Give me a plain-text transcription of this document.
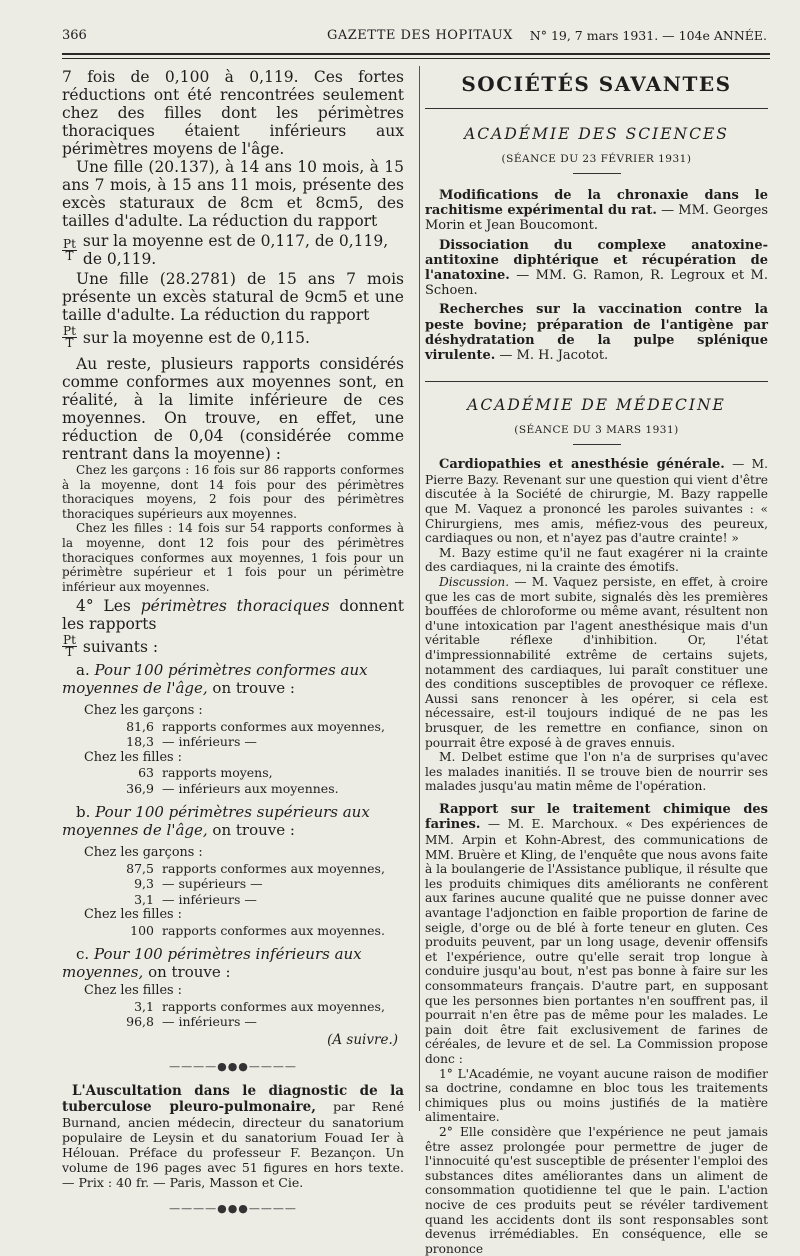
366	GAZETTE DES HOPITAUX N° 19, 7 mars 1931. — 104e ANNÉE.

7 fois de 0,100 à 0,119. Ces fortes réductions ont été rencontrées seulement chez des filles dont les périmètres thoraciques étaient inférieurs aux périmètres moyens de l'âge.

Une fille (20.137), à 14 ans 10 mois, à 15 ans 7 mois, à 15 ans 11 mois, présente des excès staturaux de 8cm et 8cm5, des tailles d'adulte. La réduction du rapport

$\frac{Pt}{T}$ sur la moyenne est de 0,117, de 0,119, de 0,119.

Une fille (28.2781) de 15 ans 7 mois présente un excès statural de 9cm5 et une taille d'adulte. La réduction du rapport

$\frac{Pt}{T}$ sur la moyenne est de 0,115.

Au reste, plusieurs rapports considérés comme conformes aux moyennes sont, en réalité, à la limite inférieure de ces moyennes. On trouve, en effet, une réduction de 0,04 (considérée comme rentrant dans la moyenne) :

Chez les garçons : 16 fois sur 86 rapports conformes à la moyenne, dont 14 fois pour des périmètres thoraciques moyens, 2 fois pour des périmètres thoraciques supérieurs aux moyennes.

Chez les filles : 14 fois sur 54 rapports conformes à la moyenne, dont 12 fois pour des périmètres thoraciques conformes aux moyennes, 1 fois pour un périmètre supérieur et 1 fois pour un périmètre inférieur aux moyennes.

4° Les périmètres thoraciques donnent les rapports

$\frac{Pt}{T}$ suivants :

a. Pour 100 périmètres conformes aux moyennes de l'âge, on trouve :

Chez les garçons :

81,6 rapports conformes aux moyennes,
18,3 — inférieurs —

Chez les filles :

63 rapports moyens,
36,9 — inférieurs aux moyennes.

b. Pour 100 périmètres supérieurs aux moyennes de l'âge, on trouve :

Chez les garçons :

87,5 rapports conformes aux moyennes,
9,3 — supérieurs —
3,1 — inférieurs —

Chez les filles :

100 rapports conformes aux moyennes.

c. Pour 100 périmètres inférieurs aux moyennes, on trouve :

Chez les filles :

3,1 rapports conformes aux moyennes,
96,8 — inférieurs —

(A suivre.)

————●●●————

L'Auscultation dans le diagnostic de la tuberculose pleuro-pulmonaire, par René Burnand, ancien médecin, directeur du sanatorium populaire de Leysin et du sanatorium Fouad Ier à Hélouan. Préface du professeur F. Bezançon. Un volume de 196 pages avec 51 figures en hors texte. — Prix : 40 fr. — Paris, Masson et Cie.

————●●●————

SOCIÉTÉS SAVANTES

ACADÉMIE DES SCIENCES

(SÉANCE DU 23 FÉVRIER 1931)

Modifications de la chronaxie dans le rachitisme expérimental du rat. — MM. Georges Morin et Jean Boucomont.

Dissociation du complexe anatoxine-antitoxine diphtérique et récupération de l'anatoxine. — MM. G. Ramon, R. Legroux et M. Schoen.

Recherches sur la vaccination contre la peste bovine; préparation de l'antigène par déshydratation de la pulpe splénique virulente. — M. H. Jacotot.

ACADÉMIE DE MÉDECINE

(SÉANCE DU 3 MARS 1931)

Cardiopathies et anesthésie générale. — M. Pierre Bazy. Revenant sur une question qui vient d'être discutée à la Société de chirurgie, M. Bazy rappelle que M. Vaquez a prononcé les paroles suivantes : « Chirurgiens, mes amis, méfiez-vous des peureux, cardiaques ou non, et n'ayez pas d'autre crainte! »

M. Bazy estime qu'il ne faut exagérer ni la crainte des cardiaques, ni la crainte des émotifs.

Discussion. — M. Vaquez persiste, en effet, à croire que les cas de mort subite, signalés dès les premières bouffées de chloroforme ou même avant, résultent non d'une intoxication par l'agent anesthésique mais d'un véritable réflexe d'inhibition. Or, l'état d'impressionnabilité extrême de certains sujets, notamment des cardiaques, lui paraît constituer une des conditions susceptibles de provoquer ce réflexe. Aussi sans renoncer à les opérer, si cela est nécessaire, est-il toujours indiqué de ne pas les brusquer, de les remettre en confiance, sinon on pourrait être exposé à de graves ennuis.

M. Delbet estime que l'on n'a de surprises qu'avec les malades inanitiés. Il se trouve bien de nourrir ses malades jusqu'au matin même de l'opération.

Rapport sur le traitement chimique des farines. — M. E. Marchoux. « Des expériences de MM. Arpin et Kohn-Abrest, des communications de MM. Bruère et Kling, de l'enquête que nous avons faite à la boulangerie de l'Assistance publique, il résulte que les produits chimiques dits améliorants ne confèrent aux farines aucune qualité que ne puisse donner avec avantage l'adjonction en faible proportion de farine de seigle, d'orge ou de blé à forte teneur en gluten. Ces produits peuvent, par un long usage, devenir offensifs et l'expérience, outre qu'elle serait trop longue à conduire jusqu'au bout, n'est pas bonne à faire sur les consommateurs français. D'autre part, en supposant que les personnes bien portantes n'en souffrent pas, il pourrait n'en être pas de même pour les malades. Le pain doit être fait exclusivement de farines de céréales, de levure et de sel. La Commission propose donc :

1° L'Académie, ne voyant aucune raison de modifier sa doctrine, condamne en bloc tous les traitements chimiques plus ou moins justifiés de la matière alimentaire.

2° Elle considère que l'expérience ne peut jamais être assez prolongée pour permettre de juger de l'innocuité qu'est susceptible de présenter l'emploi des substances dites améliorantes dans un aliment de consommation quotidienne tel que le pain. L'action nocive de ces produits peut se révéler tardivement quand les accidents dont ils sont responsables sont devenus irrémédiables. En conséquence, elle se prononce
